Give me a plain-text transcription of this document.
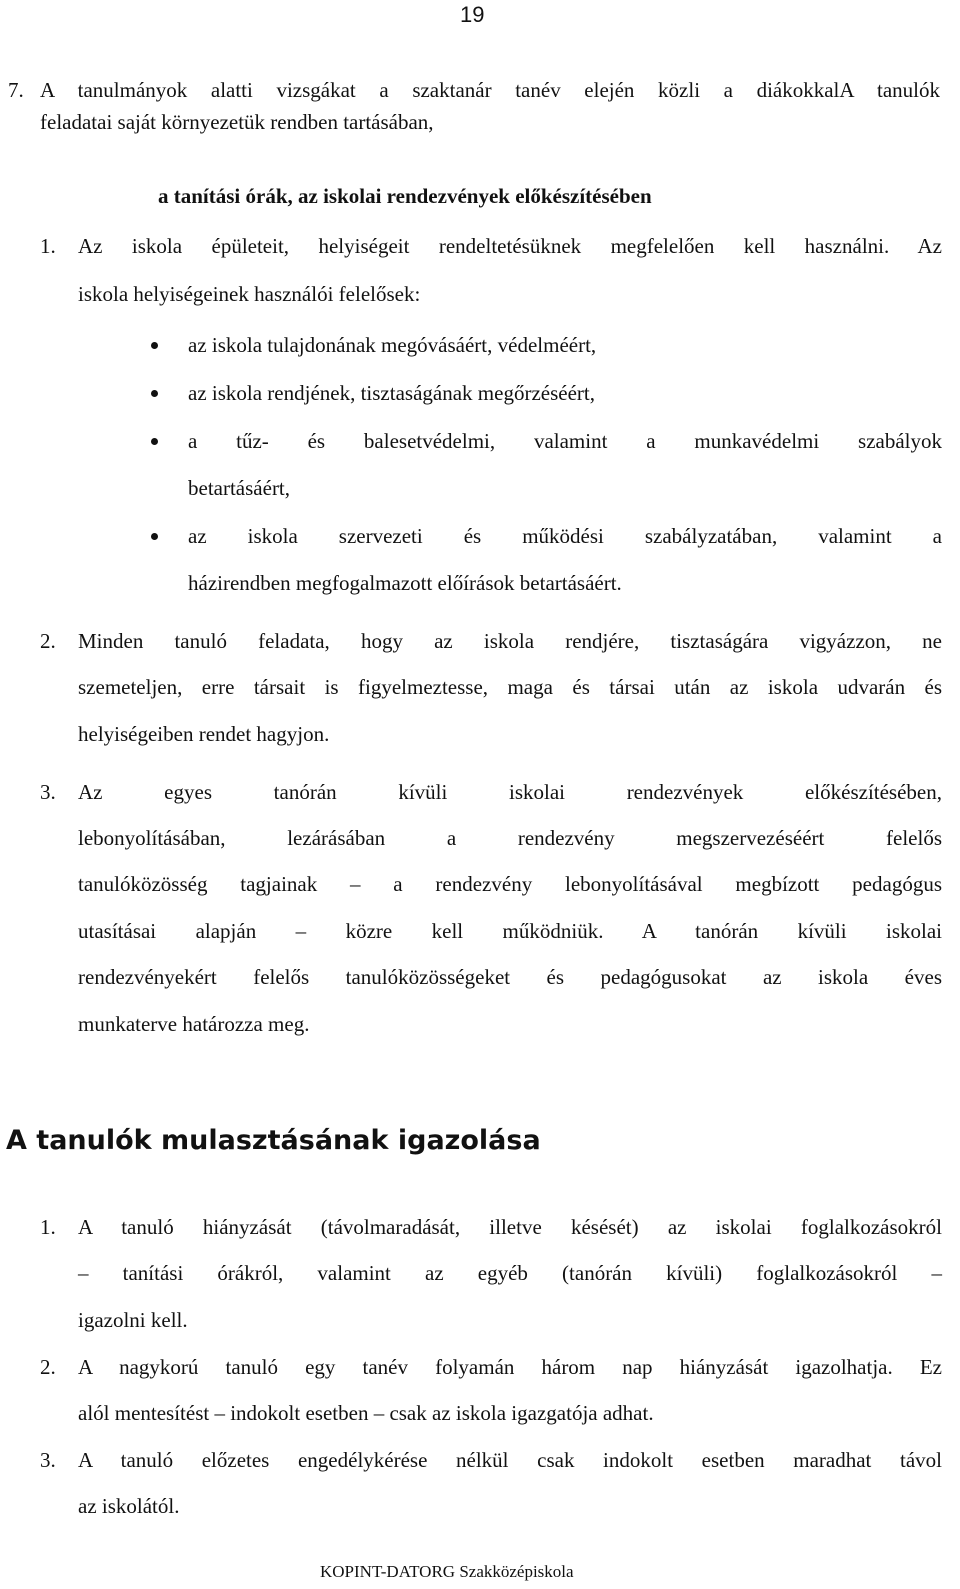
19
7. A tanulmányok alatti vizsgákat a szaktanár tanév elején közli a diákokkalA tanulók
feladatai saját környezetük rendben tartásában,
a tanítási órák, az iskolai rendezvények előkészítésében
1. Az iskola épületeit, helyiségeit rendeltetésüknek megfelelően kell használni. Az
iskola helyiségeinek használói felelősek:
az iskola tulajdonának megóvásáért, védelméért,
az iskola rendjének, tisztaságának megőrzéséért,
a tűz- és balesetvédelmi, valamint a munkavédelmi szabályok
betartásáért,
az iskola szervezeti és működési szabályzatában, valamint a
házirendben megfogalmazott előírások betartásáért.
2. Minden tanuló feladata, hogy az iskola rendjére, tisztaságára vigyázzon, ne
szemeteljen, erre társait is figyelmeztesse, maga és társai után az iskola udvarán és
helyiségeiben rendet hagyjon.
3. Az egyes tanórán kívüli iskolai rendezvények előkészítésében,
lebonyolításában, lezárásában a rendezvény megszervezéséért felelős
tanulóközösség tagjainak – a rendezvény lebonyolításával megbízott pedagógus
utasításai alapján – közre kell működniük. A tanórán kívüli iskolai
rendezvényekért felelős tanulóközösségeket és pedagógusokat az iskola éves
munkaterve határozza meg.
A tanulók mulasztásának igazolása
1. A tanuló hiányzását (távolmaradását, illetve késését) az iskolai foglalkozásokról
– tanítási órákról, valamint az egyéb (tanórán kívüli) foglalkozásokról –
igazolni kell.
2. A nagykorú tanuló egy tanév folyamán három nap hiányzását igazolhatja. Ez
alól mentesítést – indokolt esetben – csak az iskola igazgatója adhat.
3. A tanuló előzetes engedélykérése nélkül csak indokolt esetben maradhat távol
az iskolától.
KOPINT-DATORG Szakközépiskola
